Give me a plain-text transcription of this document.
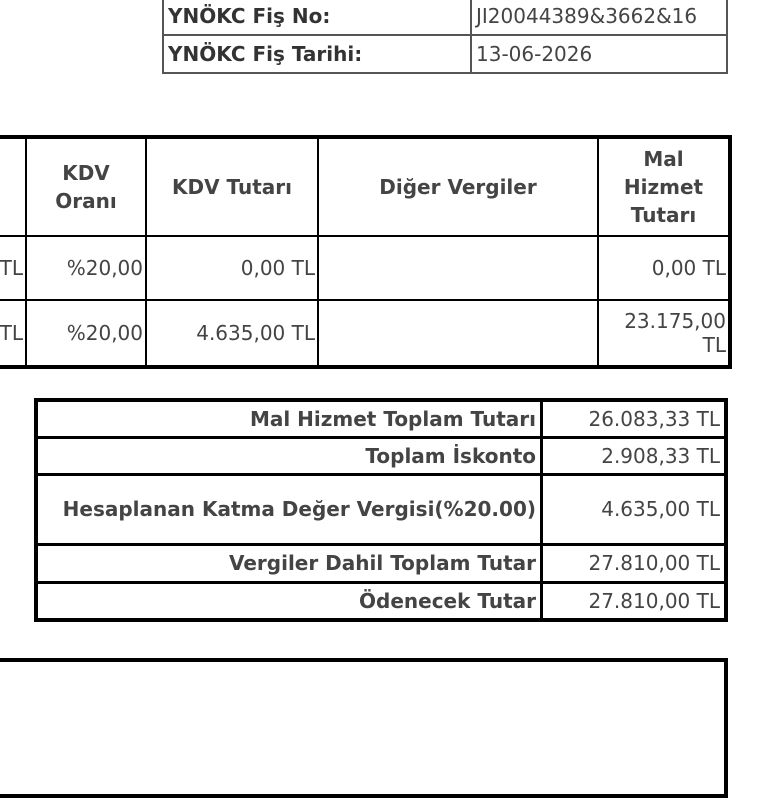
YNÖKC Fiş No:	JI20044389&3662&16
YNÖKC Fiş Tarihi:	13-06-2026
	KDV Oranı	KDV Tutarı	Diğer Vergiler	Mal Hizmet Tutarı
TL	%20,00	0,00 TL		0,00 TL
TL	%20,00	4.635,00 TL		23.175,00 TL
Mal Hizmet Toplam Tutarı	26.083,33 TL
Toplam İskonto	2.908,33 TL
Hesaplanan Katma Değer Vergisi(%20.00)	4.635,00 TL
Vergiler Dahil Toplam Tutar	27.810,00 TL
Ödenecek Tutar	27.810,00 TL
